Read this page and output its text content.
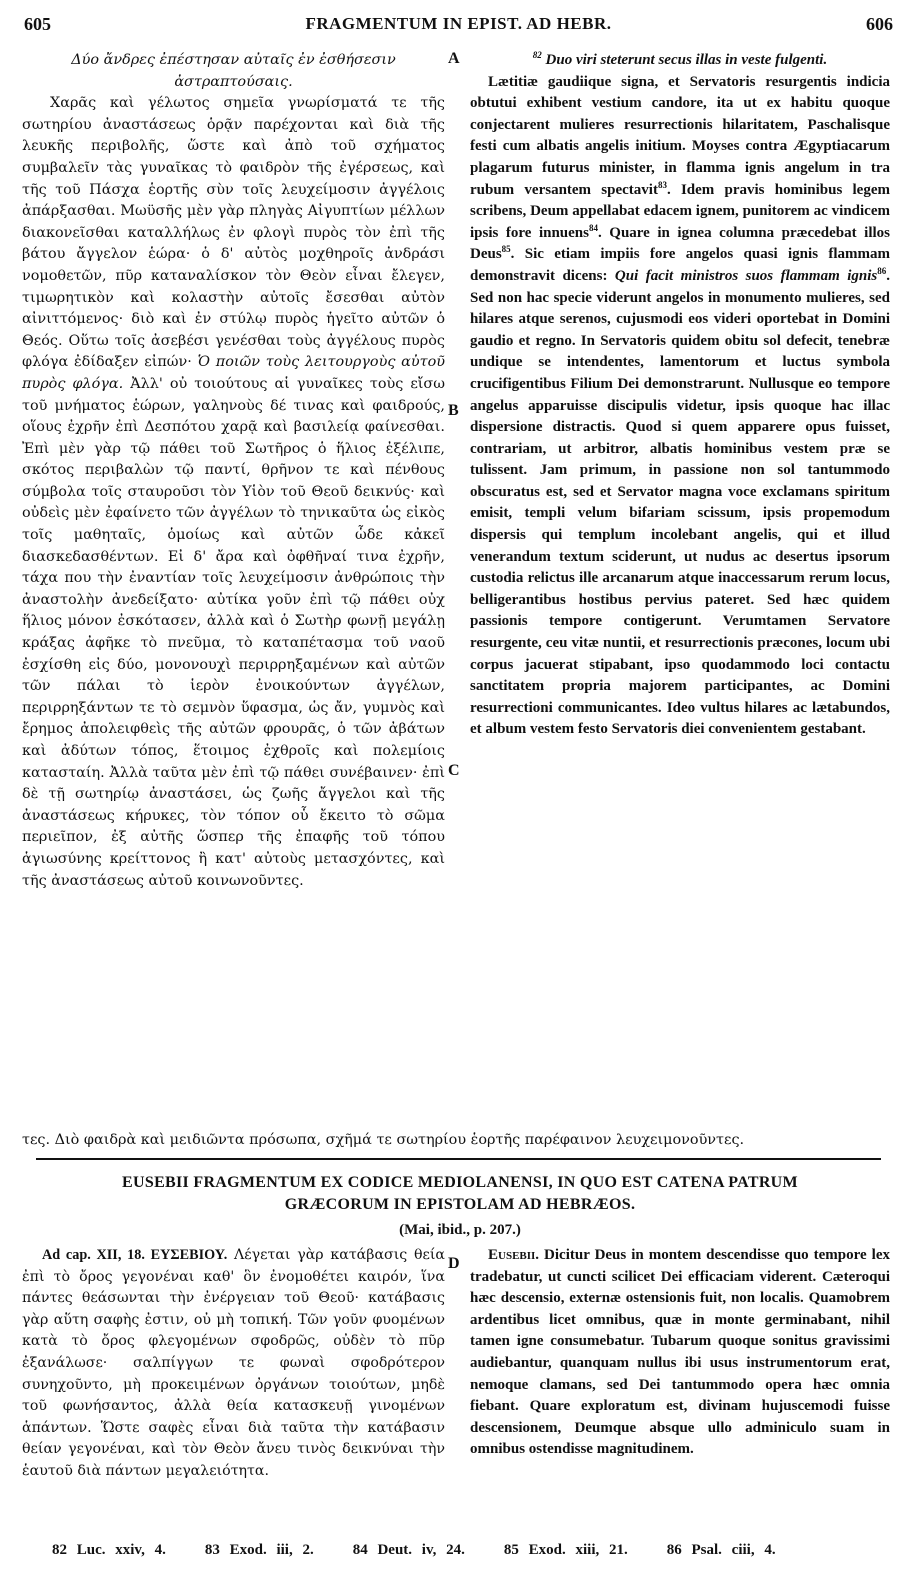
605	FRAGMENTUM IN EPIST. AD HEBR.	606
A
B
C
D
Δύο ἄνδρες ἐπέστησαν αὐταῖς ἐν ἐσθήσεσιν ἀστραπτούσαις.
Χαρᾶς καὶ γέλωτος σημεῖα γνωρίσματά τε τῆς σωτηρίου ἀναστάσεως ὁρᾷν παρέχονται καὶ διὰ τῆς λευκῆς περιβολῆς, ὥστε καὶ ἀπὸ τοῦ σχήματος συμβαλεῖν τὰς γυναῖκας τὸ φαιδρὸν τῆς ἐγέρσεως, καὶ τῆς τοῦ Πάσχα ἑορτῆς σὺν τοῖς λευχείμοσιν ἀγγέλοις ἀπάρξασθαι. Μωϋσῆς μὲν γὰρ πληγὰς Αἰγυπτίων μέλλων διακονεῖσθαι καταλλήλως ἐν φλογὶ πυρὸς τὸν ἐπὶ τῆς βάτου ἄγγελον ἑώρα· ὁ δ' αὐτὸς μοχθηροῖς ἀνδράσι νομοθετῶν, πῦρ καταναλίσκον τὸν Θεὸν εἶναι ἔλεγεν, τιμωρητικὸν καὶ κολαστὴν αὐτοῖς ἔσεσθαι αὐτὸν αἰνιττόμενος· διὸ καὶ ἐν στύλῳ πυρὸς ἡγεῖτο αὐτῶν ὁ Θεός. Οὕτω τοῖς ἀσεβέσι γενέσθαι τοὺς ἀγγέλους πυρὸς φλόγα ἐδίδαξεν εἰπών· Ὁ ποιῶν τοὺς λειτουργοὺς αὐτοῦ πυρὸς φλόγα. Ἀλλ' οὐ τοιούτους αἱ γυναῖκες τοὺς εἴσω τοῦ μνήματος ἑώρων, γαληνοὺς δέ τινας καὶ φαιδρούς, οἵους ἐχρῆν ἐπὶ Δεσπότου χαρᾷ καὶ βασιλείᾳ φαίνεσθαι. Ἐπὶ μὲν γὰρ τῷ πάθει τοῦ Σωτῆρος ὁ ἥλιος ἐξέλιπε, σκότος περιβαλὼν τῷ παντί, θρῆνον τε καὶ πένθους σύμβολα τοῖς σταυροῦσι τὸν Υἱὸν τοῦ Θεοῦ δεικνύς· καὶ οὐδεὶς μὲν ἐφαίνετο τῶν ἀγγέλων τὸ τηνικαῦτα ὡς εἰκὸς τοῖς μαθηταῖς, ὁμοίως καὶ αὐτῶν ὧδε κἀκεῖ διασκεδασθέντων. Εἰ δ' ἄρα καὶ ὀφθῆναί τινα ἐχρῆν, τάχα που τὴν ἐναντίαν τοῖς λευχείμοσιν ἀνθρώποις τὴν ἀναστολὴν ἀνεδείξατο· αὐτίκα γοῦν ἐπὶ τῷ πάθει οὐχ ἥλιος μόνον ἐσκότασεν, ἀλλὰ καὶ ὁ Σωτὴρ φωνῇ μεγάλῃ κράξας ἀφῆκε τὸ πνεῦμα, τὸ καταπέτασμα τοῦ ναοῦ ἐσχίσθη εἰς δύο, μονονουχὶ περιρρηξαμένων καὶ αὐτῶν τῶν πάλαι τὸ ἱερὸν ἐνοικούντων ἀγγέλων, περιρρηξάντων τε τὸ σεμνὸν ὕφασμα, ὡς ἄν, γυμνὸς καὶ ἔρημος ἀπολειφθεὶς τῆς αὐτῶν φρουρᾶς, ὁ τῶν ἀβάτων καὶ ἀδύτων τόπος, ἕτοιμος ἐχθροῖς καὶ πολεμίοις κατασταίη. Ἀλλὰ ταῦτα μὲν ἐπὶ τῷ πάθει συνέβαινεν· ἐπὶ δὲ τῇ σωτηρίῳ ἀναστάσει, ὡς ζωῆς ἄγγελοι καὶ τῆς ἀναστάσεως κήρυκες, τὸν τόπον οὗ ἔκειτο τὸ σῶμα περιεῖπον, ἐξ αὐτῆς ὥσπερ τῆς ἐπαφῆς τοῦ τόπου ἁγιωσύνης κρείττονος ἢ κατ' αὐτοὺς μετασχόντες, καὶ τῆς ἀναστάσεως αὐτοῦ κοινωνοῦντες.
$^{82}$ Duo viri steterunt secus illas in veste fulgenti.
Lætitiæ gaudiique signa, et Servatoris resurgentis indicia obtutui exhibent vestium candore, ita ut ex habitu quoque conjectarent mulieres resurrectionis hilaritatem, Paschalisque festi cum albatis angelis initium. Moyses contra Ægyptiacarum plagarum futurus minister, in flamma ignis angelum in tra rubum versantem spectavit$^{83}$. Idem pravis hominibus legem scribens, Deum appellabat edacem ignem, punitorem ac vindicem ipsis fore innuens$^{84}$. Quare in ignea columna præcedebat illos Deus$^{85}$. Sic etiam impiis fore angelos quasi ignis flammam demonstravit dicens: Qui facit ministros suos flammam ignis$^{86}$. Sed non hac specie viderunt angelos in monumento mulieres, sed hilares atque serenos, cujusmodi eos videri oportebat in Domini gaudio et regno. In Servatoris quidem obitu sol defecit, tenebræ undique se intendentes, lamentorum et luctus symbola crucifigentibus Filium Dei demonstrarunt. Nullusque eo tempore angelus apparuisse discipulis videtur, ipsis quoque hac illac dispersione distractis. Quod si quem apparere opus fuisset, contrariam, ut arbitror, albatis hominibus vestem præ se tulissent. Jam primum, in passione non sol tantummodo obscuratus est, sed et Servator magna voce exclamans spiritum emisit, templi velum bifariam scissum, ipsis propemodum dispersis qui templum incolebant angelis, qui et illud venerandum textum sciderunt, ut nudus ac desertus ipsorum custodia relictus ille arcanarum atque inaccessarum rerum locus, belligerantibus hostibus pervius pateret. Sed hæc quidem passionis tempore contigerunt. Verumtamen Servatore resurgente, ceu vitæ nuntii, et resurrectionis præcones, locum ubi corpus jacuerat stipabant, ipso quodammodo loci contactu sanctitatem propria majorem participantes, ac Domini resurrectioni communicantes. Ideo vultus hilares ac lætabundos, et album vestem festo Servatoris diei convenientem gestabant.
τες. Διὸ φαιδρὰ καὶ μειδιῶντα πρόσωπα, σχῆμά τε σωτηρίου ἑορτῆς παρέφαινον λευχειμονοῦντες.
EUSEBII FRAGMENTUM EX CODICE MEDIOLANENSI, IN QUO EST CATENA PATRUM
GRÆCORUM IN EPISTOLAM AD HEBRÆOS.
(Mai, ibid., p. 207.)
Ad cap. XII, 18. ΕΥΣΕΒΙΟΥ. Λέγεται γὰρ κατάβασις θεία ἐπὶ τὸ ὄρος γεγονέναι καθ' ὃν ἐνομοθέτει καιρόν, ἵνα πάντες θεάσωνται τὴν ἐνέργειαν τοῦ Θεοῦ· κατάβασις γὰρ αὕτη σαφὴς ἐστιν, οὐ μὴ τοπική. Τῶν γοῦν φυομένων κατὰ τὸ ὄρος φλεγομένων σφοδρῶς, οὐδὲν τὸ πῦρ ἐξανάλωσε· σαλπίγγων τε φωναὶ σφοδρότερον συνηχοῦντο, μὴ προκειμένων ὀργάνων τοιούτων, μηδὲ τοῦ φωνήσαντος, ἀλλὰ θεία κατασκευῇ γινομένων ἁπάντων. Ὥστε σαφὲς εἶναι διὰ ταῦτα τὴν κατάβασιν θείαν γεγονέναι, καὶ τὸν Θεὸν ἄνευ τινὸς δεικνύναι τὴν ἑαυτοῦ διὰ πάντων μεγαλειότητα.
Eusebii. Dicitur Deus in montem descendisse quo tempore lex tradebatur, ut cuncti scilicet Dei efficaciam viderent. Cæteroqui hæc descensio, externæ ostensionis fuit, non localis. Quamobrem ardentibus licet omnibus, quæ in monte germinabant, nihil tamen igne consumebatur. Tubarum quoque sonitus gravissimi audiebantur, quanquam nullus ibi usus instrumentorum erat, nemoque clamans, sed Dei tantummodo opera hæc omnia fiebant. Quare exploratum est, divinam hujuscemodi fuisse descensionem, Deumque absque ullo adminiculo suam in omnibus ostendisse magnitudinem.
82 Luc. xxiv, 4.	83 Exod. iii, 2.	84 Deut. iv, 24.	85 Exod. xiii, 21.	86 Psal. ciii, 4.
